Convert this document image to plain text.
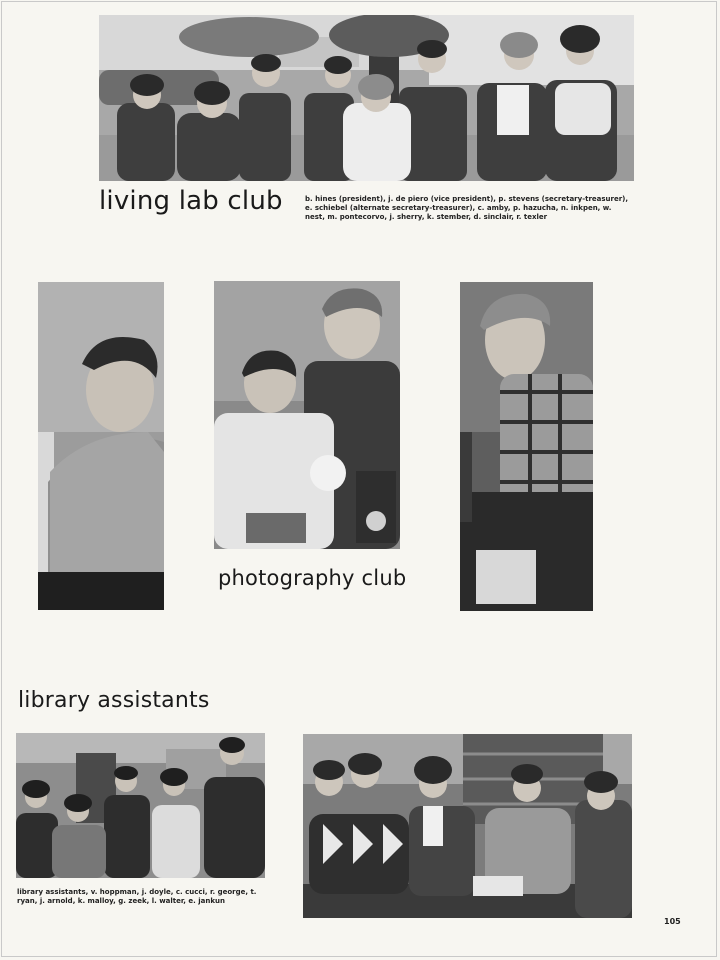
living lab club	b. hines (president), j. de piero (vice president), p. stevens (secretary-treasurer), e. schiebel (alternate secretary-treasurer), c. amby, p. hazucha, n. inkpen, w. nest, m. pontecorvo, j. sherry, k. stember, d. sinclair, r. texler

photography club
library assistants

library assistants, v. hoppman, j. doyle, c. cucci, r. george, t. ryan, j. arnold, k. malloy, g. zeek, l. walter, e. jankun

105
